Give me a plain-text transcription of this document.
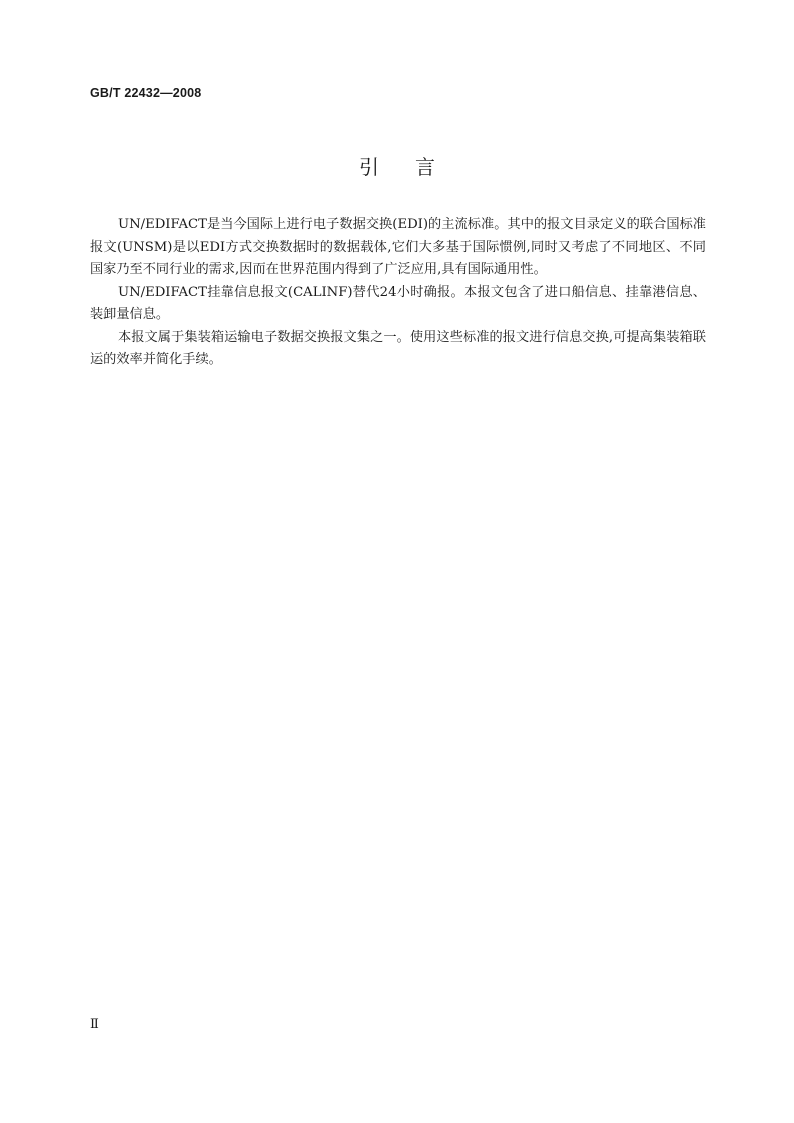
GB/T 22432—2008
引言

UN/EDIFACT是当今国际上进行电子数据交换(EDI)的主流标准。其中的报文目录定义的联合国标准报文(UNSM)是以EDI方式交换数据时的数据载体,它们大多基于国际惯例,同时又考虑了不同地区、不同国家乃至不同行业的需求,因而在世界范围内得到了广泛应用,具有国际通用性。

UN/EDIFACT挂靠信息报文(CALINF)替代24小时确报。本报文包含了进口船信息、挂靠港信息、装卸量信息。

本报文属于集装箱运输电子数据交换报文集之一。使用这些标准的报文进行信息交换,可提高集装箱联运的效率并简化手续。

Ⅱ
